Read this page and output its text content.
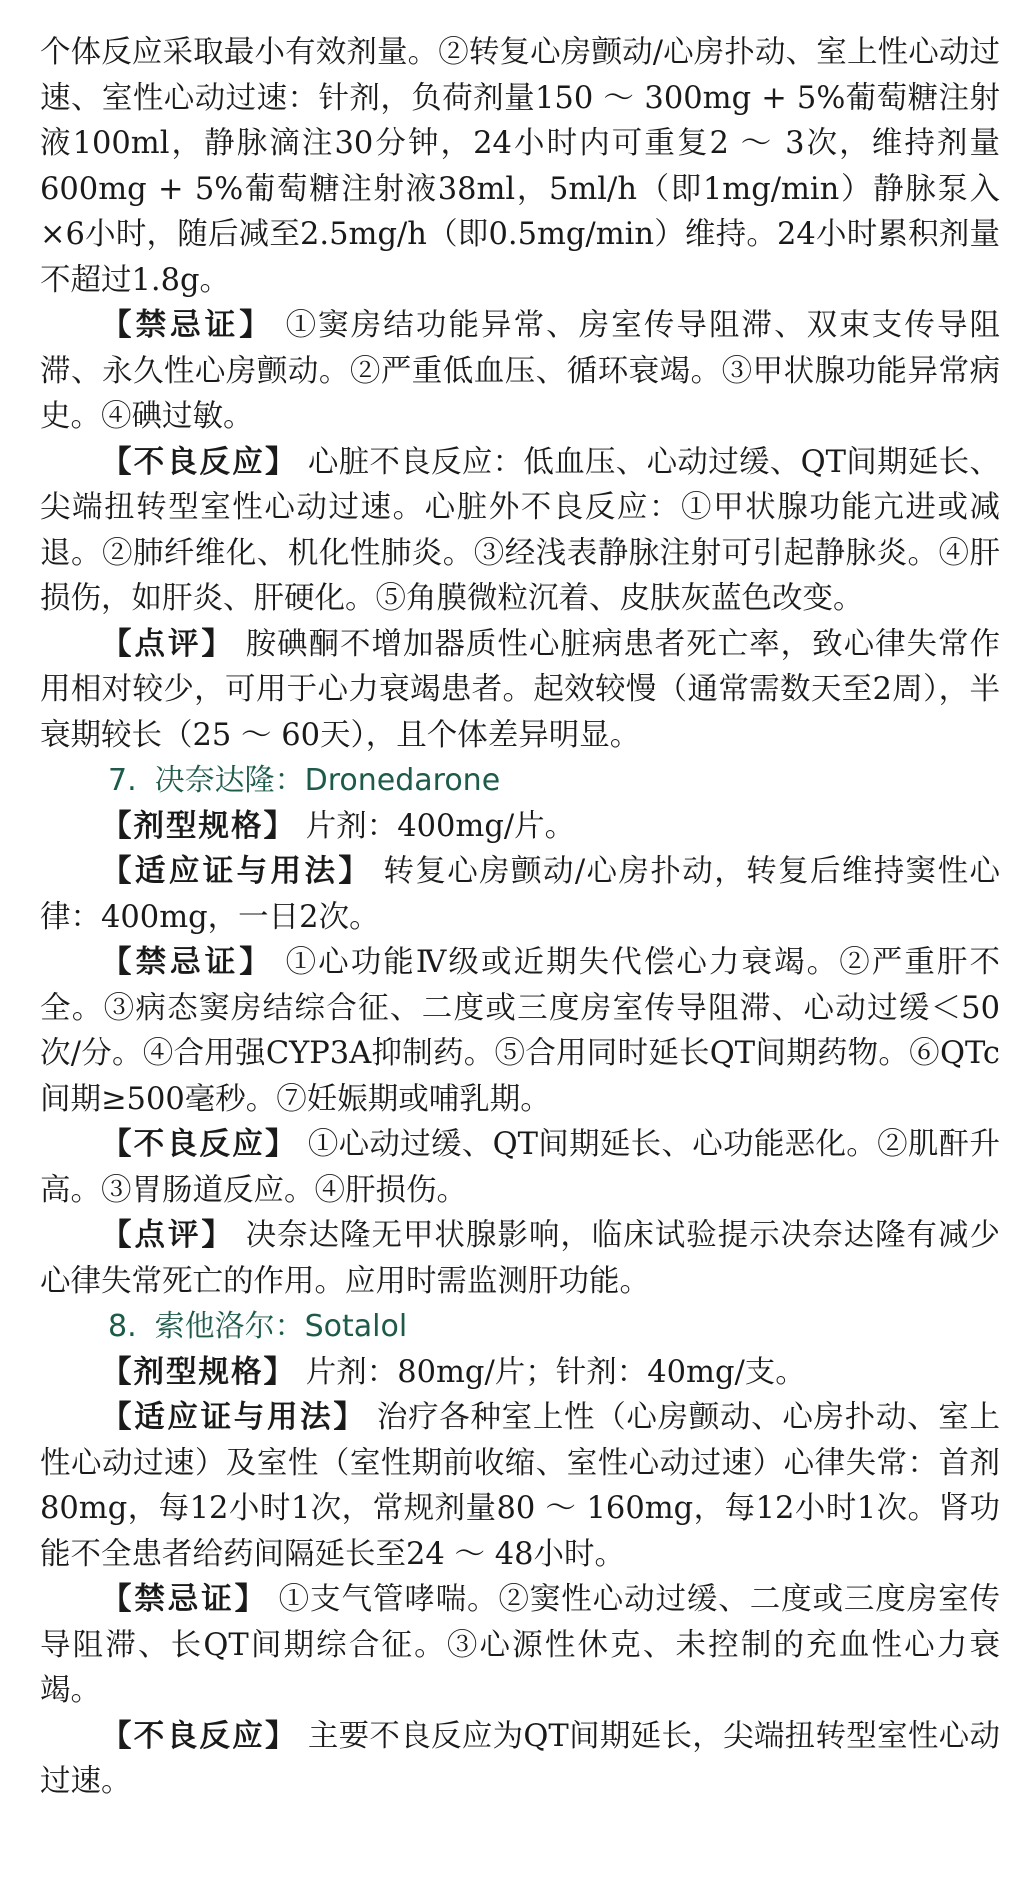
个体反应采取最小有效剂量。②转复心房颤动/心房扑动、室上性心动过速、室性心动过速：针剂，负荷剂量150 ～ 300mg + 5%葡萄糖注射液100ml，静脉滴注30分钟，24小时内可重复2 ～ 3次，维持剂量600mg + 5%葡萄糖注射液38ml，5ml/h（即1mg/min）静脉泵入×6小时，随后减至2.5mg/h（即0.5mg/min）维持。24小时累积剂量不超过1.8g。

【禁忌证】 ①窦房结功能异常、房室传导阻滞、双束支传导阻滞、永久性心房颤动。②严重低血压、循环衰竭。③甲状腺功能异常病史。④碘过敏。

【不良反应】 心脏不良反应：低血压、心动过缓、QT间期延长、尖端扭转型室性心动过速。心脏外不良反应：①甲状腺功能亢进或减退。②肺纤维化、机化性肺炎。③经浅表静脉注射可引起静脉炎。④肝损伤，如肝炎、肝硬化。⑤角膜微粒沉着、皮肤灰蓝色改变。

【点评】 胺碘酮不增加器质性心脏病患者死亡率，致心律失常作用相对较少，可用于心力衰竭患者。起效较慢（通常需数天至2周），半衰期较长（25 ～ 60天），且个体差异明显。

7. 决奈达隆：Dronedarone

【剂型规格】 片剂：400mg/片。

【适应证与用法】 转复心房颤动/心房扑动，转复后维持窦性心律：400mg，一日2次。

【禁忌证】 ①心功能Ⅳ级或近期失代偿心力衰竭。②严重肝不全。③病态窦房结综合征、二度或三度房室传导阻滞、心动过缓＜50次/分。④合用强CYP3A抑制药。⑤合用同时延长QT间期药物。⑥QTc间期≥500毫秒。⑦妊娠期或哺乳期。

【不良反应】 ①心动过缓、QT间期延长、心功能恶化。②肌酐升高。③胃肠道反应。④肝损伤。

【点评】 决奈达隆无甲状腺影响，临床试验提示决奈达隆有减少心律失常死亡的作用。应用时需监测肝功能。

8. 索他洛尔：Sotalol

【剂型规格】 片剂：80mg/片；针剂：40mg/支。

【适应证与用法】 治疗各种室上性（心房颤动、心房扑动、室上性心动过速）及室性（室性期前收缩、室性心动过速）心律失常：首剂80mg，每12小时1次，常规剂量80 ～ 160mg，每12小时1次。肾功能不全患者给药间隔延长至24 ～ 48小时。

【禁忌证】 ①支气管哮喘。②窦性心动过缓、二度或三度房室传导阻滞、长QT间期综合征。③心源性休克、未控制的充血性心力衰竭。

【不良反应】 主要不良反应为QT间期延长，尖端扭转型室性心动过速。
